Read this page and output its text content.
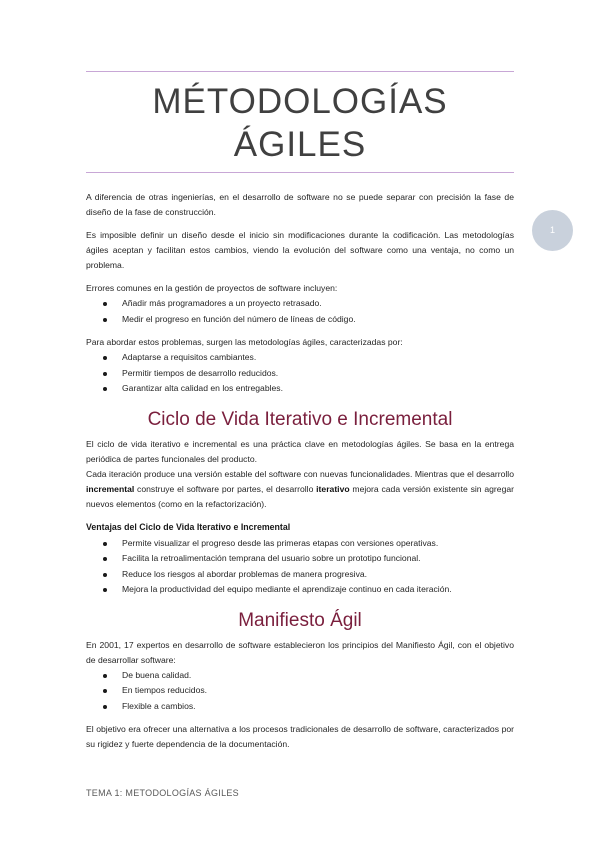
MÉTODOLOGÍAS
ÁGILES
1

A diferencia de otras ingenierías, en el desarrollo de software no se puede separar con precisión la fase de diseño de la fase de construcción.

Es imposible definir un diseño desde el inicio sin modificaciones durante la codificación. Las metodologías ágiles aceptan y facilitan estos cambios, viendo la evolución del software como una ventaja, no como un problema.

Errores comunes en la gestión de proyectos de software incluyen:

Añadir más programadores a un proyecto retrasado.
Medir el progreso en función del número de líneas de código.

Para abordar estos problemas, surgen las metodologías ágiles, caracterizadas por:

Adaptarse a requisitos cambiantes.
Permitir tiempos de desarrollo reducidos.
Garantizar alta calidad en los entregables.
Ciclo de Vida Iterativo e Incremental

El ciclo de vida iterativo e incremental es una práctica clave en metodologías ágiles. Se basa en la entrega periódica de partes funcionales del producto.

Cada iteración produce una versión estable del software con nuevas funcionalidades. Mientras que el desarrollo incremental construye el software por partes, el desarrollo iterativo mejora cada versión existente sin agregar nuevos elementos (como en la refactorización).

Ventajas del Ciclo de Vida Iterativo e Incremental
Permite visualizar el progreso desde las primeras etapas con versiones operativas.
Facilita la retroalimentación temprana del usuario sobre un prototipo funcional.
Reduce los riesgos al abordar problemas de manera progresiva.
Mejora la productividad del equipo mediante el aprendizaje continuo en cada iteración.
Manifiesto Ágil

En 2001, 17 expertos en desarrollo de software establecieron los principios del Manifiesto Ágil, con el objetivo de desarrollar software:

De buena calidad.
En tiempos reducidos.
Flexible a cambios.

El objetivo era ofrecer una alternativa a los procesos tradicionales de desarrollo de software, caracterizados por su rigidez y fuerte dependencia de la documentación.

TEMA 1: METODOLOGÍAS ÁGILES
